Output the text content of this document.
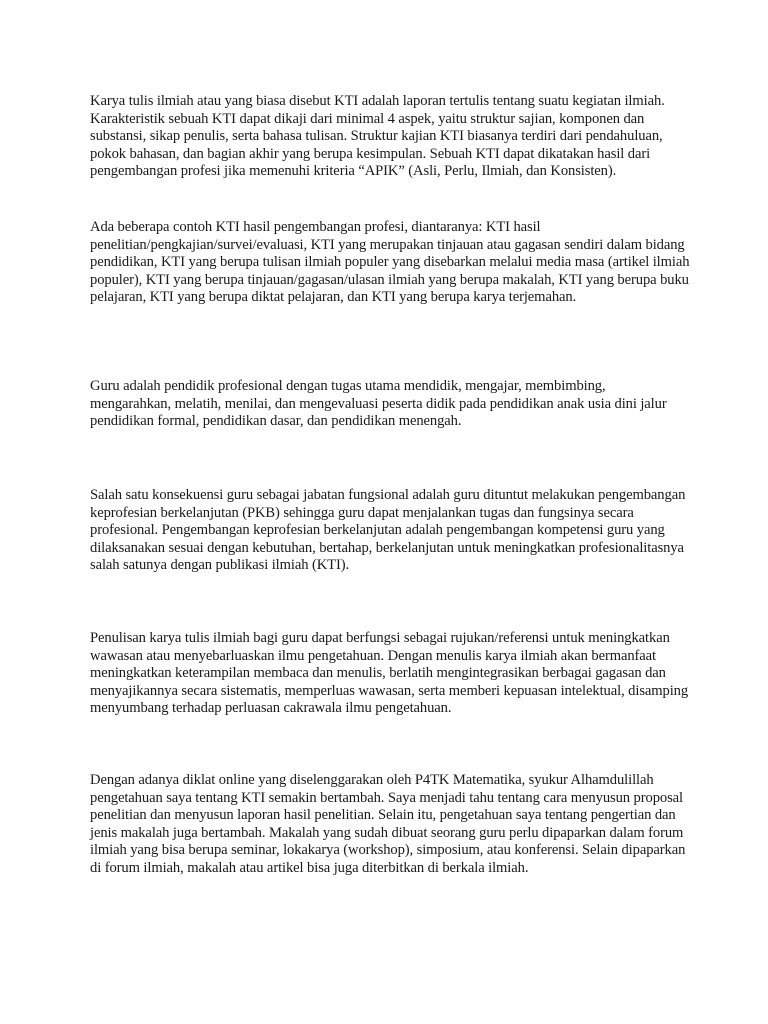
Karya tulis ilmiah atau yang biasa disebut KTI adalah laporan tertulis tentang suatu kegiatan ilmiah. Karakteristik sebuah KTI dapat dikaji dari minimal 4 aspek, yaitu struktur sajian, komponen dan substansi, sikap penulis, serta bahasa tulisan. Struktur kajian KTI biasanya terdiri dari pendahuluan, pokok bahasan, dan bagian akhir yang berupa kesimpulan. Sebuah KTI dapat dikatakan hasil dari pengembangan profesi jika memenuhi kriteria “APIK” (Asli, Perlu, Ilmiah, dan Konsisten).

Ada beberapa contoh KTI hasil pengembangan profesi, diantaranya: KTI hasil penelitian/pengkajian/survei/evaluasi, KTI yang merupakan tinjauan atau gagasan sendiri dalam bidang pendidikan, KTI yang berupa tulisan ilmiah populer yang disebarkan melalui media masa (artikel ilmiah populer), KTI yang berupa tinjauan/gagasan/ulasan ilmiah yang berupa makalah, KTI yang berupa buku pelajaran, KTI yang berupa diktat pelajaran, dan KTI yang berupa karya terjemahan.

Guru adalah pendidik profesional dengan tugas utama mendidik, mengajar, membimbing, mengarahkan, melatih, menilai, dan mengevaluasi peserta didik pada pendidikan anak usia dini jalur pendidikan formal, pendidikan dasar, dan pendidikan menengah.

Salah satu konsekuensi guru sebagai jabatan fungsional adalah guru dituntut melakukan pengembangan keprofesian berkelanjutan (PKB) sehingga guru dapat menjalankan tugas dan fungsinya secara profesional. Pengembangan keprofesian berkelanjutan adalah pengembangan kompetensi guru yang dilaksanakan sesuai dengan kebutuhan, bertahap, berkelanjutan untuk meningkatkan profesionalitasnya salah satunya dengan publikasi ilmiah (KTI).

Penulisan karya tulis ilmiah bagi guru dapat berfungsi sebagai rujukan/referensi untuk meningkatkan wawasan atau menyebarluaskan ilmu pengetahuan. Dengan menulis karya ilmiah akan bermanfaat meningkatkan keterampilan membaca dan menulis, berlatih mengintegrasikan berbagai gagasan dan menyajikannya secara sistematis, memperluas wawasan, serta memberi kepuasan intelektual, disamping menyumbang terhadap perluasan cakrawala ilmu pengetahuan.

Dengan adanya diklat online yang diselenggarakan oleh P4TK Matematika, syukur Alhamdulillah pengetahuan saya tentang KTI semakin bertambah. Saya menjadi tahu tentang cara menyusun proposal penelitian dan menyusun laporan hasil penelitian. Selain itu, pengetahuan saya tentang pengertian dan jenis makalah juga bertambah. Makalah yang sudah dibuat seorang guru perlu dipaparkan dalam forum ilmiah yang bisa berupa seminar, lokakarya (workshop), simposium, atau konferensi. Selain dipaparkan di forum ilmiah, makalah atau artikel bisa juga diterbitkan di berkala ilmiah.
